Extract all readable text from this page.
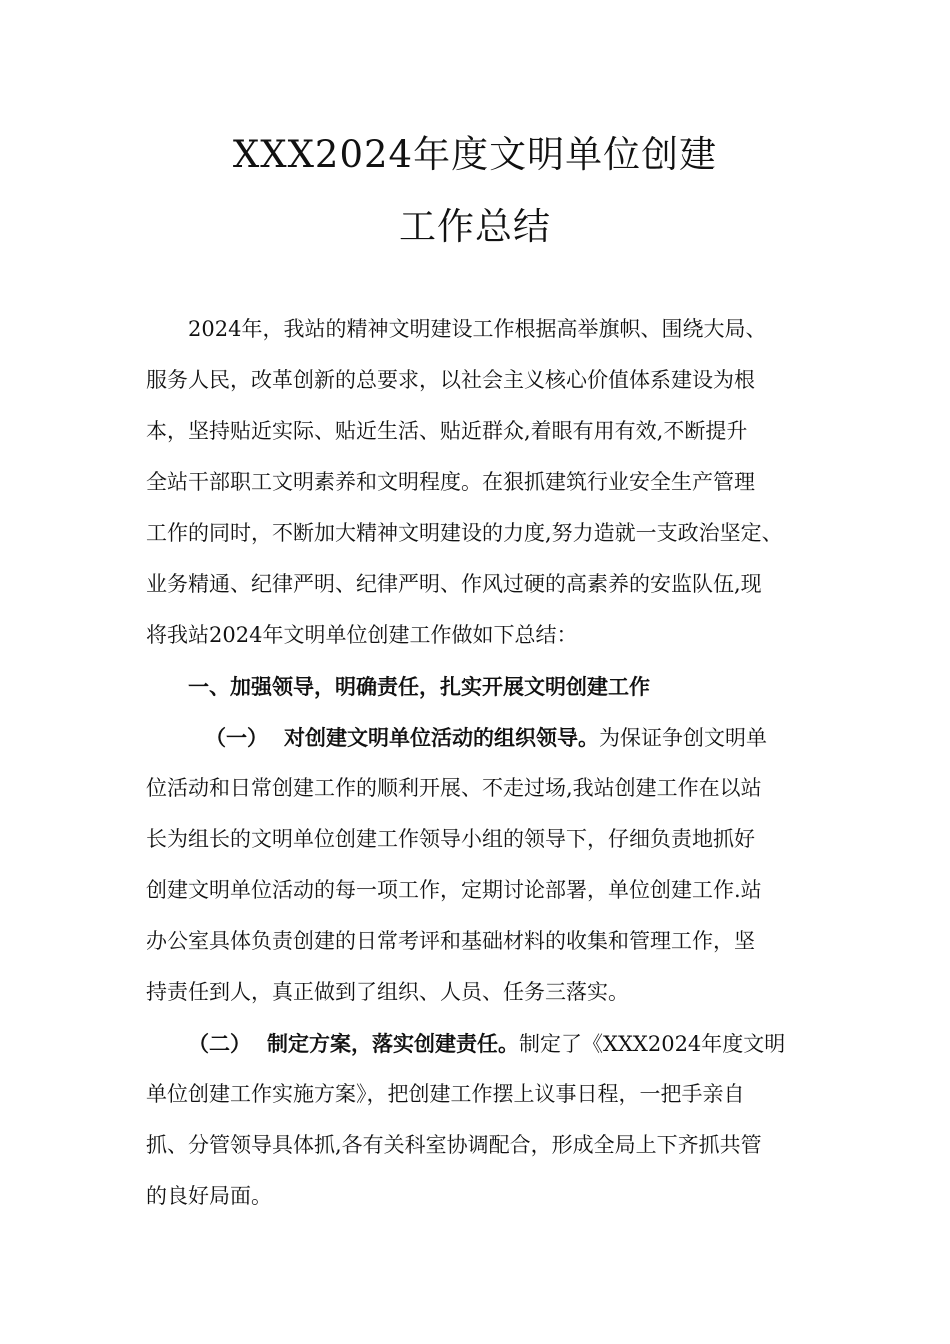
XXX2024年度文明单位创建
工作总结
2024年，我站的精神文明建设工作根据高举旗帜、围绕大局、
服务人民，改革创新的总要求，以社会主义核心价值体系建设为根
本，坚持贴近实际、贴近生活、贴近群众,着眼有用有效,不断提升
全站干部职工文明素养和文明程度。在狠抓建筑行业安全生产管理
工作的同时，不断加大精神文明建设的力度,努力造就一支政治坚定、
业务精通、纪律严明、纪律严明、作风过硬的高素养的安监队伍,现
将我站2024年文明单位创建工作做如下总结：
一、加强领导，明确责任，扎实开展文明创建工作
（一） 对创建文明单位活动的组织领导。为保证争创文明单
位活动和日常创建工作的顺利开展、不走过场,我站创建工作在以站
长为组长的文明单位创建工作领导小组的领导下，仔细负责地抓好
创建文明单位活动的每一项工作，定期讨论部署，单位创建工作.站
办公室具体负责创建的日常考评和基础材料的收集和管理工作，坚
持责任到人，真正做到了组织、人员、任务三落实。
（二） 制定方案，落实创建责任。制定了《XXX2024年度文明
单位创建工作实施方案》，把创建工作摆上议事日程，一把手亲自
抓、分管领导具体抓,各有关科室协调配合，形成全局上下齐抓共管
的良好局面。
